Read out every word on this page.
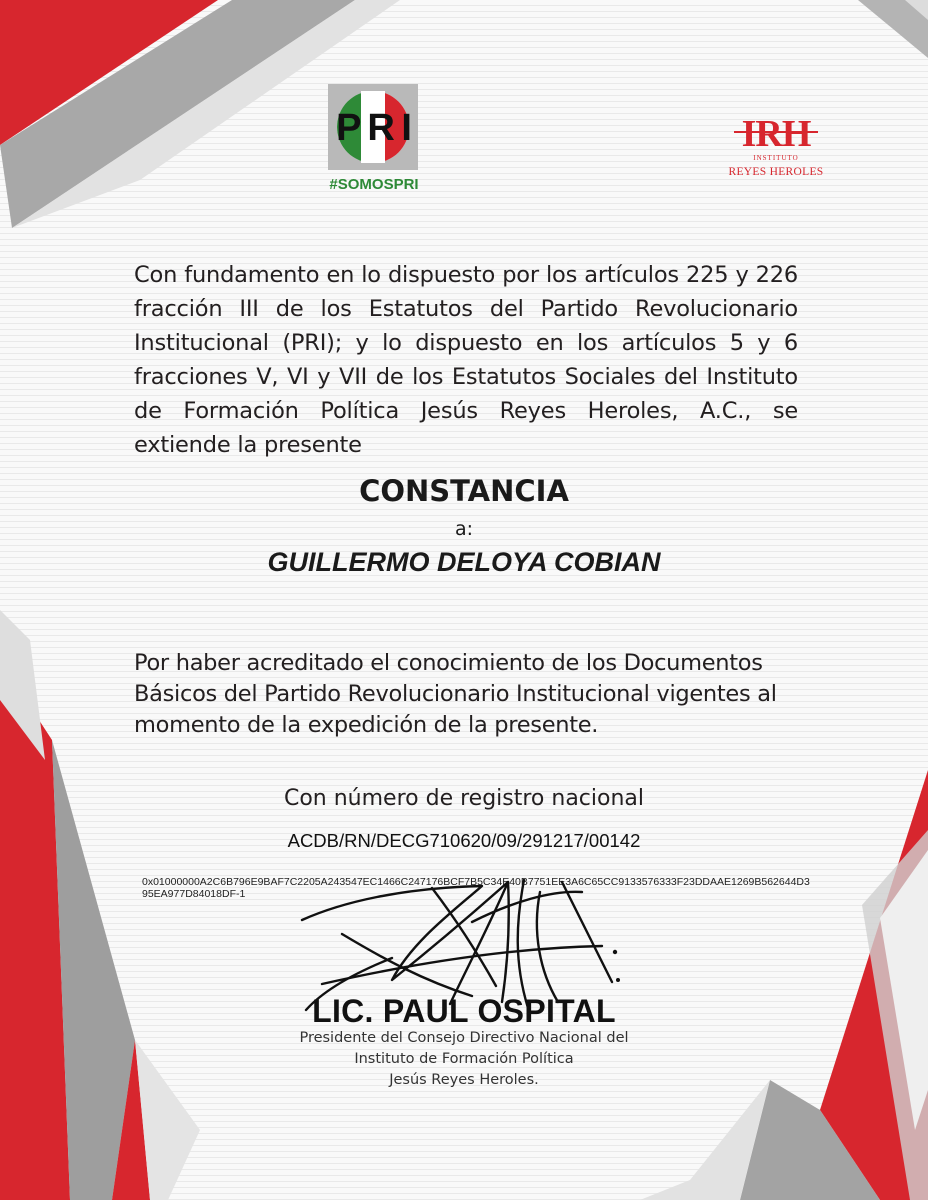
P R I
#SOMOSPRI
IRH
INSTITUTO
REYES HEROLES

Con fundamento en lo dispuesto por los artículos 225 y 226 fracción III de los Estatutos del Partido Revolucionario Institucional (PRI); y lo dispuesto en los artículos 5 y 6 fracciones V, VI y VII de los Estatutos Sociales del Instituto de Formación Política Jesús Reyes Heroles, A.C., se extiende la presente

CONSTANCIA
a:
GUILLERMO DELOYA COBIAN

Por haber acreditado el conocimiento de los Documentos Básicos del Partido Revolucionario Institucional vigentes al momento de la expedición de la presente.

Con número de registro nacional
ACDB/RN/DECG710620/09/291217/00142

0x01000000A2C6B796E9BAF7C2205A243547EC1466C247176BCF7B5C34E40B7751EE3A6C65CC9133576333F23DDAAE1269B562644D395EA977D84018DF-1

LIC. PAUL OSPITAL
Presidente del Consejo Directivo Nacional del
Instituto de Formación Política
Jesús Reyes Heroles.
